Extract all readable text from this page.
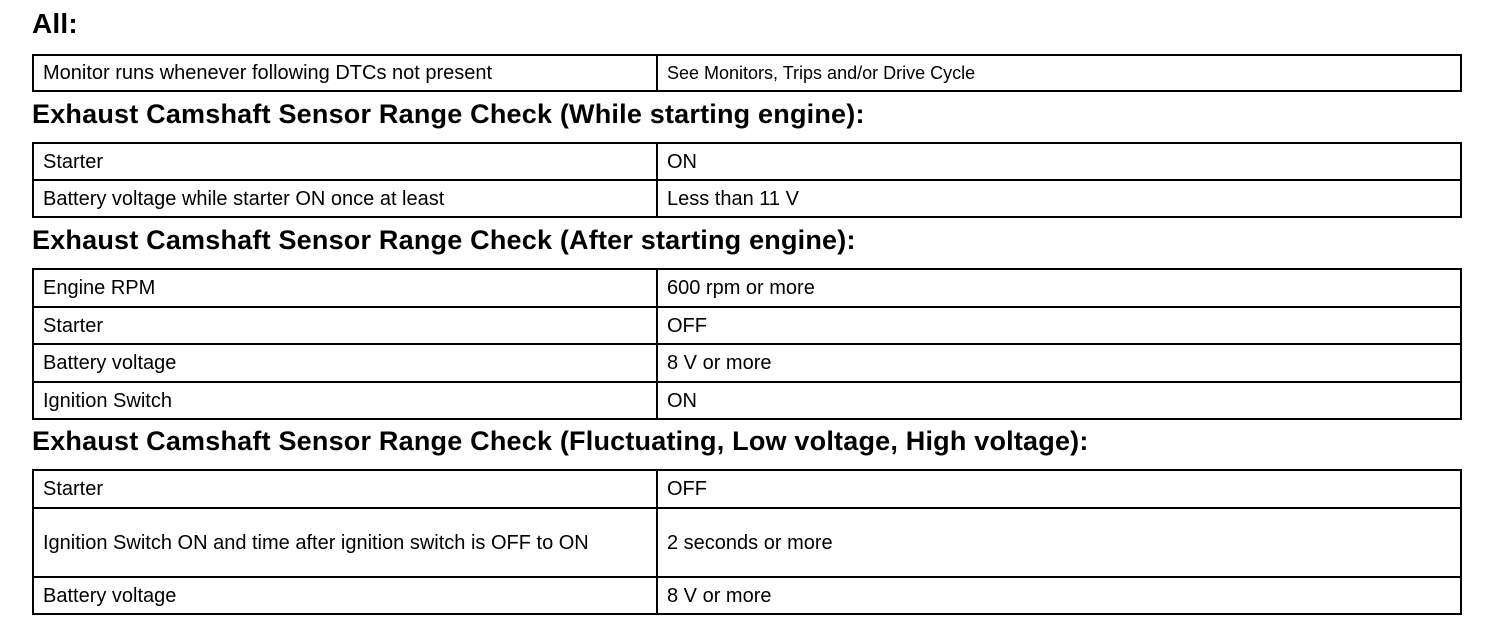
All:
Monitor runs whenever following DTCs not present	See Monitors, Trips and/or Drive Cycle
Exhaust Camshaft Sensor Range Check (While starting engine):
Starter	ON
Battery voltage while starter ON once at least	Less than 11 V
Exhaust Camshaft Sensor Range Check (After starting engine):
Engine RPM	600 rpm or more
Starter	OFF
Battery voltage	8 V or more
Ignition Switch	ON
Exhaust Camshaft Sensor Range Check (Fluctuating, Low voltage, High voltage):
Starter	OFF
Ignition Switch ON and time after ignition switch is OFF to ON	2 seconds or more
Battery voltage	8 V or more
